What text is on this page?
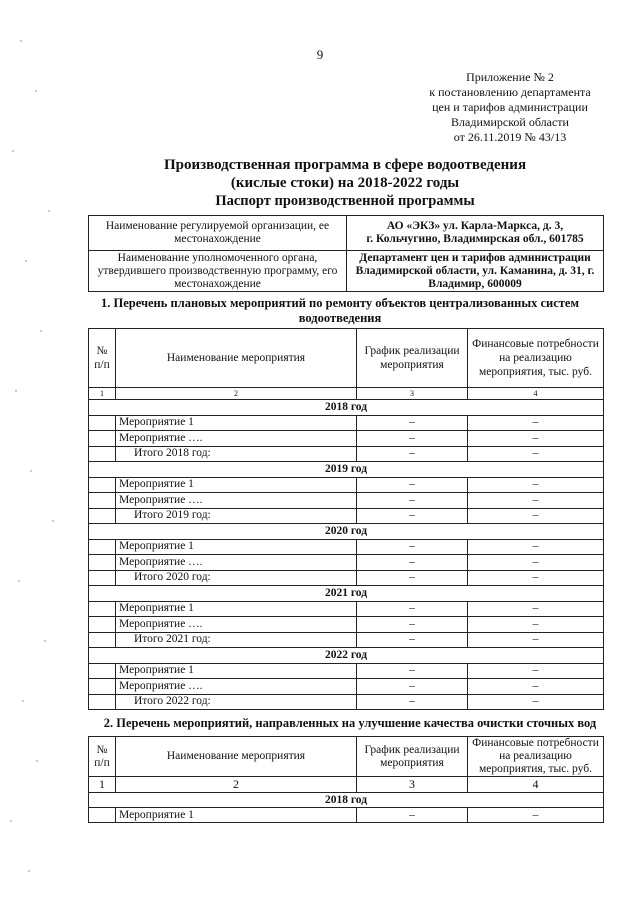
9
Приложение № 2
к постановлению департамента
цен и тарифов администрации
Владимирской области
от 26.11.2019 № 43/13
Производственная программа в сфере водоотведения
(кислые стоки) на 2018-2022 годы
Паспорт производственной программы
Наименование регулируемой организации, ее местонахождение	АО «ЭКЗ» ул. Карла-Маркса, д. 3,
г. Кольчугино, Владимирская обл., 601785

Наименование уполномоченного органа, утвердившего производственную программу, его местонахождение	Департамент цен и тарифов администрации Владимирской области, ул. Каманина, д. 31, г. Владимир, 600009
1. Перечень плановых мероприятий по ремонту объектов централизованных систем водоотведения
№ п/п	Наименование мероприятия	График реализации мероприятия	Финансовые потребности на реализацию мероприятия, тыс. руб.
1	2	3	4
2018 год			
	Мероприятие 1	–	–
	Мероприятие ….	–	–
	Итого 2018 год:	–	–
2019 год			
	Мероприятие 1	–	–
	Мероприятие ….	–	–
	Итого 2019 год:	–	–
2020 год			
	Мероприятие 1	–	–
	Мероприятие ….	–	–
	Итого 2020 год:	–	–
2021 год			
	Мероприятие 1	–	–
	Мероприятие ….	–	–
	Итого 2021 год:	–	–
2022 год			
	Мероприятие 1	–	–
	Мероприятие ….	–	–
	Итого 2022 год:	–	–
2. Перечень мероприятий, направленных на улучшение качества очистки сточных вод
№ п/п	Наименование мероприятия	График реализации мероприятия	Финансовые потребности на реализацию мероприятия, тыс. руб.
1	2	3	4
2018 год			
	Мероприятие 1	–	–
